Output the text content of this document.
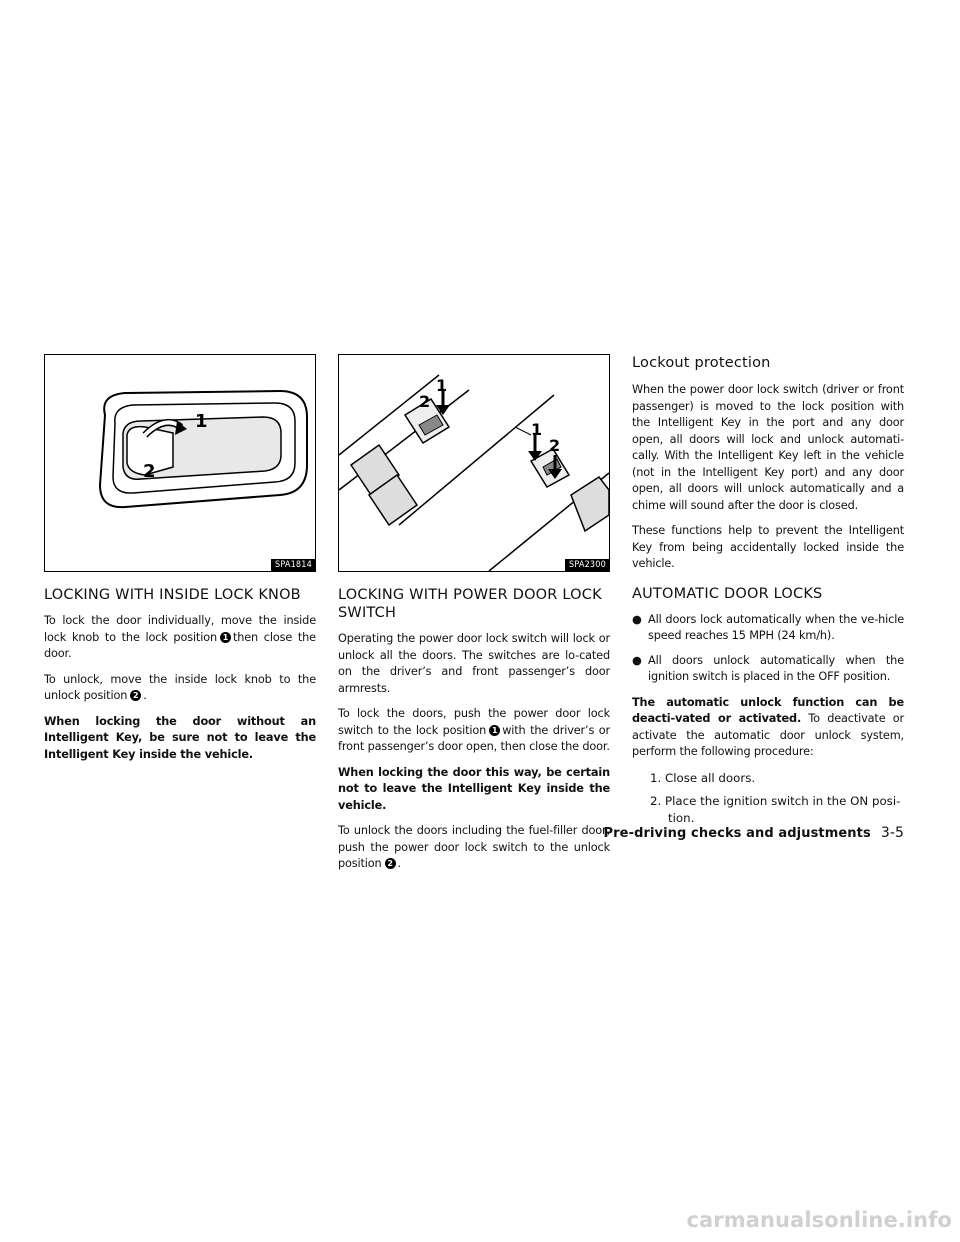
1
2
SPA1814
LOCKING WITH INSIDE LOCK KNOB

To lock the door individually, move the inside lock knob to the lock position 1 then close the door.

To unlock, move the inside lock knob to the unlock position 2 .

When locking the door without an Intelligent Key, be sure not to leave the Intelligent Key inside the vehicle.

1
2
1
2
SPA2300
LOCKING WITH POWER DOOR LOCK SWITCH

Operating the power door lock switch will lock or unlock all the doors. The switches are lo-cated on the driver’s and front passenger’s door armrests.

To lock the doors, push the power door lock switch to the lock position 1 with the driver’s or front passenger’s door open, then close the door.

When locking the door this way, be certain not to leave the Intelligent Key inside the vehicle.

To unlock the doors including the fuel-filler door, push the power door lock switch to the unlock position 2 .

Lockout protection

When the power door lock switch (driver or front passenger) is moved to the lock position with the Intelligent Key in the port and any door open, all doors will lock and unlock automati-cally. With the Intelligent Key left in the vehicle (not in the Intelligent Key port) and any door open, all doors will unlock automatically and a chime will sound after the door is closed.

These functions help to prevent the Intelligent Key from being accidentally locked inside the vehicle.

AUTOMATIC DOOR LOCKS
● All doors lock automatically when the ve-hicle speed reaches 15 MPH (24 km/h).
● All doors unlock automatically when the ignition switch is placed in the OFF position.

The automatic unlock function can be deacti-vated or activated. To deactivate or activate the automatic door unlock system, perform the following procedure:

1. Close all doors.
2. Place the ignition switch in the ON posi-tion.
Pre-driving checks and adjustments 3-5
carmanualsonline.info
